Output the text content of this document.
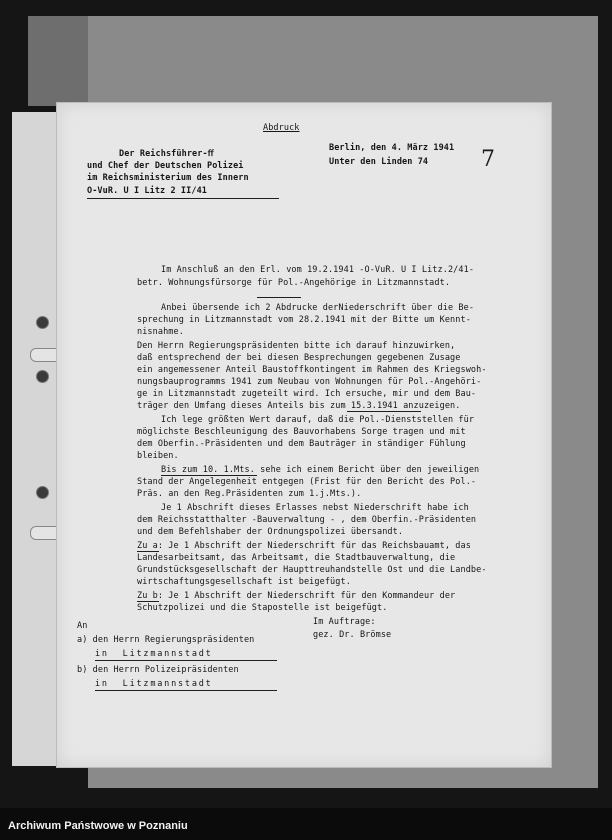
Abdruck
Der Reichsführer-ﬀ
und Chef der Deutschen Polizei
im Reichsministerium des Innern
O-VuR. U I Litz 2 II/41
Berlin, den 4. März 1941
Unter den Linden 74 7
Im Anschluß an den Erl. vom 19.2.1941 -O-VuR. U I Litz.2/41-
betr. Wohnungsfürsorge für Pol.-Angehörige in Litzmannstadt.
Anbei übersende ich 2 Abdrucke derNiederschrift über die Be-
sprechung in Litzmannstadt vom 28.2.1941 mit der Bitte um Kennt-
nisnahme.
Den Herrn Regierungspräsidenten bitte ich darauf hinzuwirken,
daß entsprechend der bei diesen Besprechungen gegebenen Zusage
ein angemessener Anteil Baustoffkontingent im Rahmen des Kriegswoh-
nungsbauprogramms 1941 zum Neubau von Wohnungen für Pol.-Angehöri-
ge in Litzmannstadt zugeteilt wird. Ich ersuche, mir und dem Bau-
träger den Umfang dieses Anteils bis zum 15.3.1941 anzuzeigen.
Ich lege größten Wert darauf, daß die Pol.-Dienststellen für
möglichste Beschleunigung des Bauvorhabens Sorge tragen und mit
dem Oberfin.-Präsidenten und dem Bauträger in ständiger Fühlung
bleiben.
Bis zum 10. 1.Mts. sehe ich einem Bericht über den jeweiligen
Stand der Angelegenheit entgegen (Frist für den Bericht des Pol.-
Präs. an den Reg.Präsidenten zum 1.j.Mts.).
Je 1 Abschrift dieses Erlasses nebst Niederschrift habe ich
dem Reichsstatthalter -Bauverwaltung - , dem Oberfin.-Präsidenten
und dem Befehlshaber der Ordnungspolizei übersandt.
Zu a: Je 1 Abschrift der Niederschrift für das Reichsbauamt, das
Landesarbeitsamt, das Arbeitsamt, die Stadtbauverwaltung, die
Grundstücksgesellschaft der Haupttreuhandstelle Ost und die Landbe-
wirtschaftungsgesellschaft ist beigefügt.
Zu b: Je 1 Abschrift der Niederschrift für den Kommandeur der
Schutzpolizei und die Stapostelle ist beigefügt.
Im Auftrage:
gez. Dr. Brömse
An
a) den Herrn Regierungspräsidenten
in  Litzmannstadt
b) den Herrn Polizeipräsidenten
in  Litzmannstadt
Archiwum Państwowe w Poznaniu
